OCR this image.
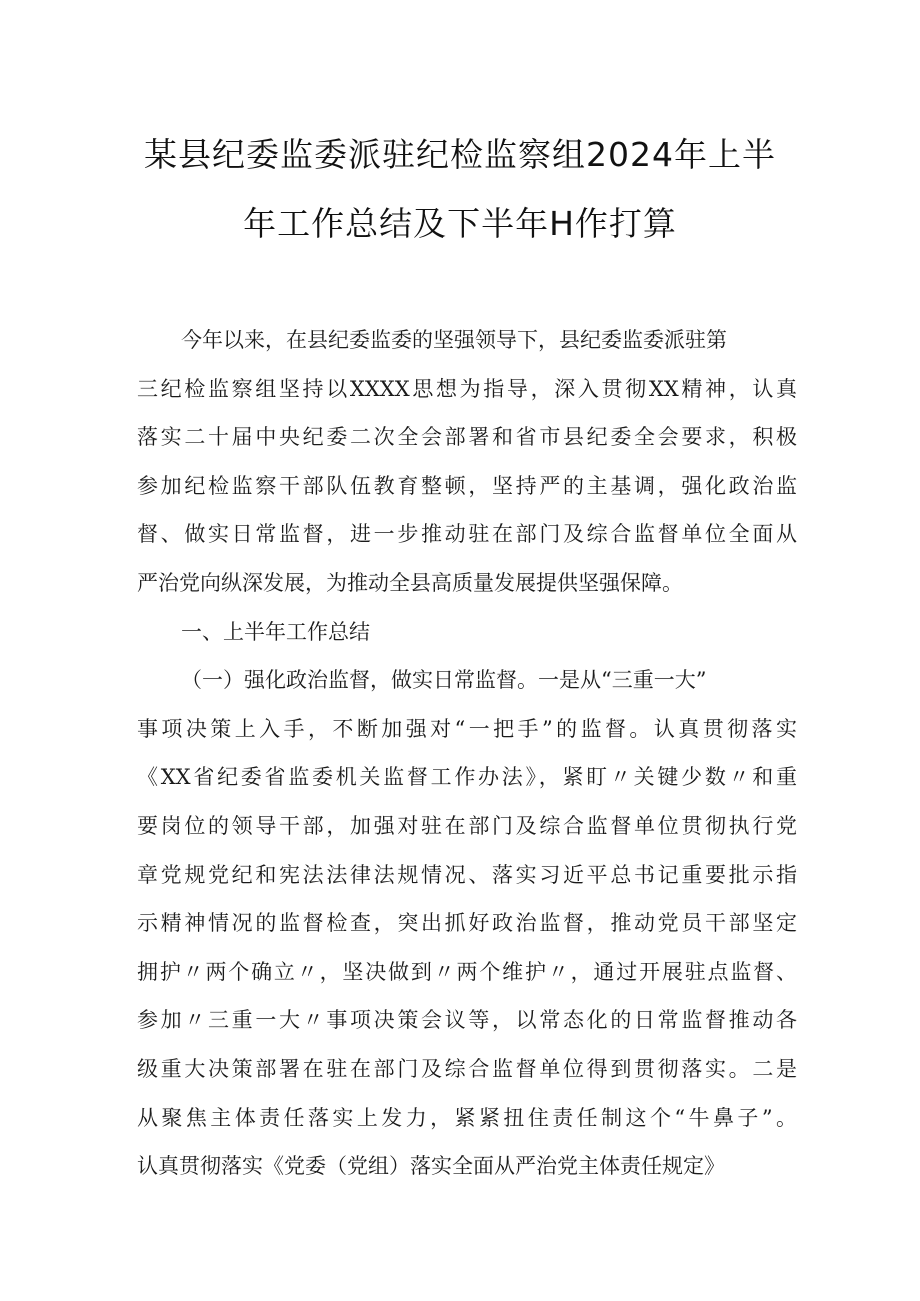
某县纪委监委派驻纪检监察组2024年上半
年工作总结及下半年H作打算
今年以来，在县纪委监委的坚强领导下，县纪委监委派驻第
三纪检监察组坚持以XXXX思想为指导，深入贯彻XX精神，认真
落实二十届中央纪委二次全会部署和省市县纪委全会要求，积极
参加纪检监察干部队伍教育整顿，坚持严的主基调，强化政治监
督、做实日常监督，进一步推动驻在部门及综合监督单位全面从
严治党向纵深发展，为推动全县高质量发展提供坚强保障。
一、上半年工作总结
（一）强化政治监督，做实日常监督。一是从“三重一大”
事项决策上入手，不断加强对“一把手”的监督。认真贯彻落实
《XX省纪委省监委机关监督工作办法》，紧盯〃关键少数〃和重
要岗位的领导干部，加强对驻在部门及综合监督单位贯彻执行党
章党规党纪和宪法法律法规情况、落实习近平总书记重要批示指
示精神情况的监督检查，突出抓好政治监督，推动党员干部坚定
拥护〃两个确立〃，坚决做到〃两个维护〃，通过开展驻点监督、
参加〃三重一大〃事项决策会议等，以常态化的日常监督推动各
级重大决策部署在驻在部门及综合监督单位得到贯彻落实。二是
从聚焦主体责任落实上发力，紧紧扭住责任制这个“牛鼻子”。
认真贯彻落实《党委（党组）落实全面从严治党主体责任规定》
